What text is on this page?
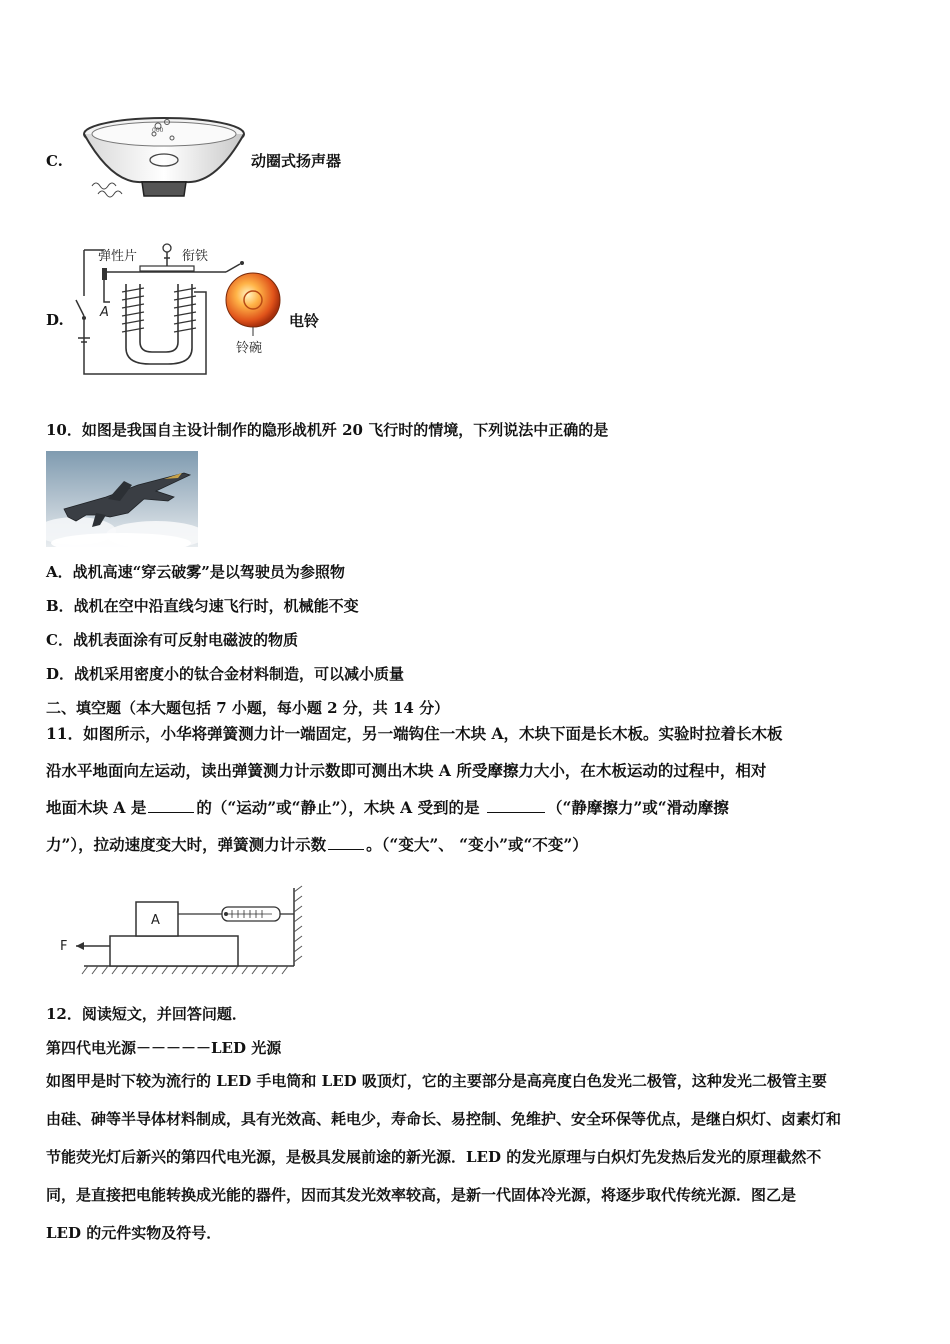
C.
000
动圈式扬声器
D.
弹性片	衔铁
A
铃碗
电铃
10．如图是我国自主设计制作的隐形战机歼 20 飞行时的情境，下列说法中正确的是
A．战机高速“穿云破雾”是以驾驶员为参照物
B．战机在空中沿直线匀速飞行时，机械能不变
C．战机表面涂有可反射电磁波的物质
D．战机采用密度小的钛合金材料制造，可以减小质量
二、填空题（本大题包括 7 小题，每小题 2 分，共 14 分）
11．如图所示，小华将弹簧测力计一端固定，另一端钩住一木块 A，木块下面是长木板。实验时拉着长木板
沿水平地面向左运动，读出弹簧测力计示数即可测出木块 A 所受摩擦力大小，在木板运动的过程中，相对
地面木块 A 是	的（“运动”或“静止”），木块 A 受到的是	（“静摩擦力”或“滑动摩擦
力”），拉动速度变大时，弹簧测力计示数	。（“变大”、 “变小”或“不变”）
A
F
12．阅读短文，并回答问题．
第四代电光源－－－－－LED 光源
如图甲是时下较为流行的 LED 手电筒和 LED 吸顶灯，它的主要部分是高亮度白色发光二极管，这种发光二极管主要
由硅、砷等半导体材料制成，具有光效高、耗电少，寿命长、易控制、免维护、安全环保等优点，是继白炽灯、卤素灯和
节能荧光灯后新兴的第四代电光源，是极具发展前途的新光源．LED 的发光原理与白炽灯先发热后发光的原理截然不
同，是直接把电能转换成光能的器件，因而其发光效率较高，是新一代固体冷光源，将逐步取代传统光源．图乙是
LED 的元件实物及符号．
